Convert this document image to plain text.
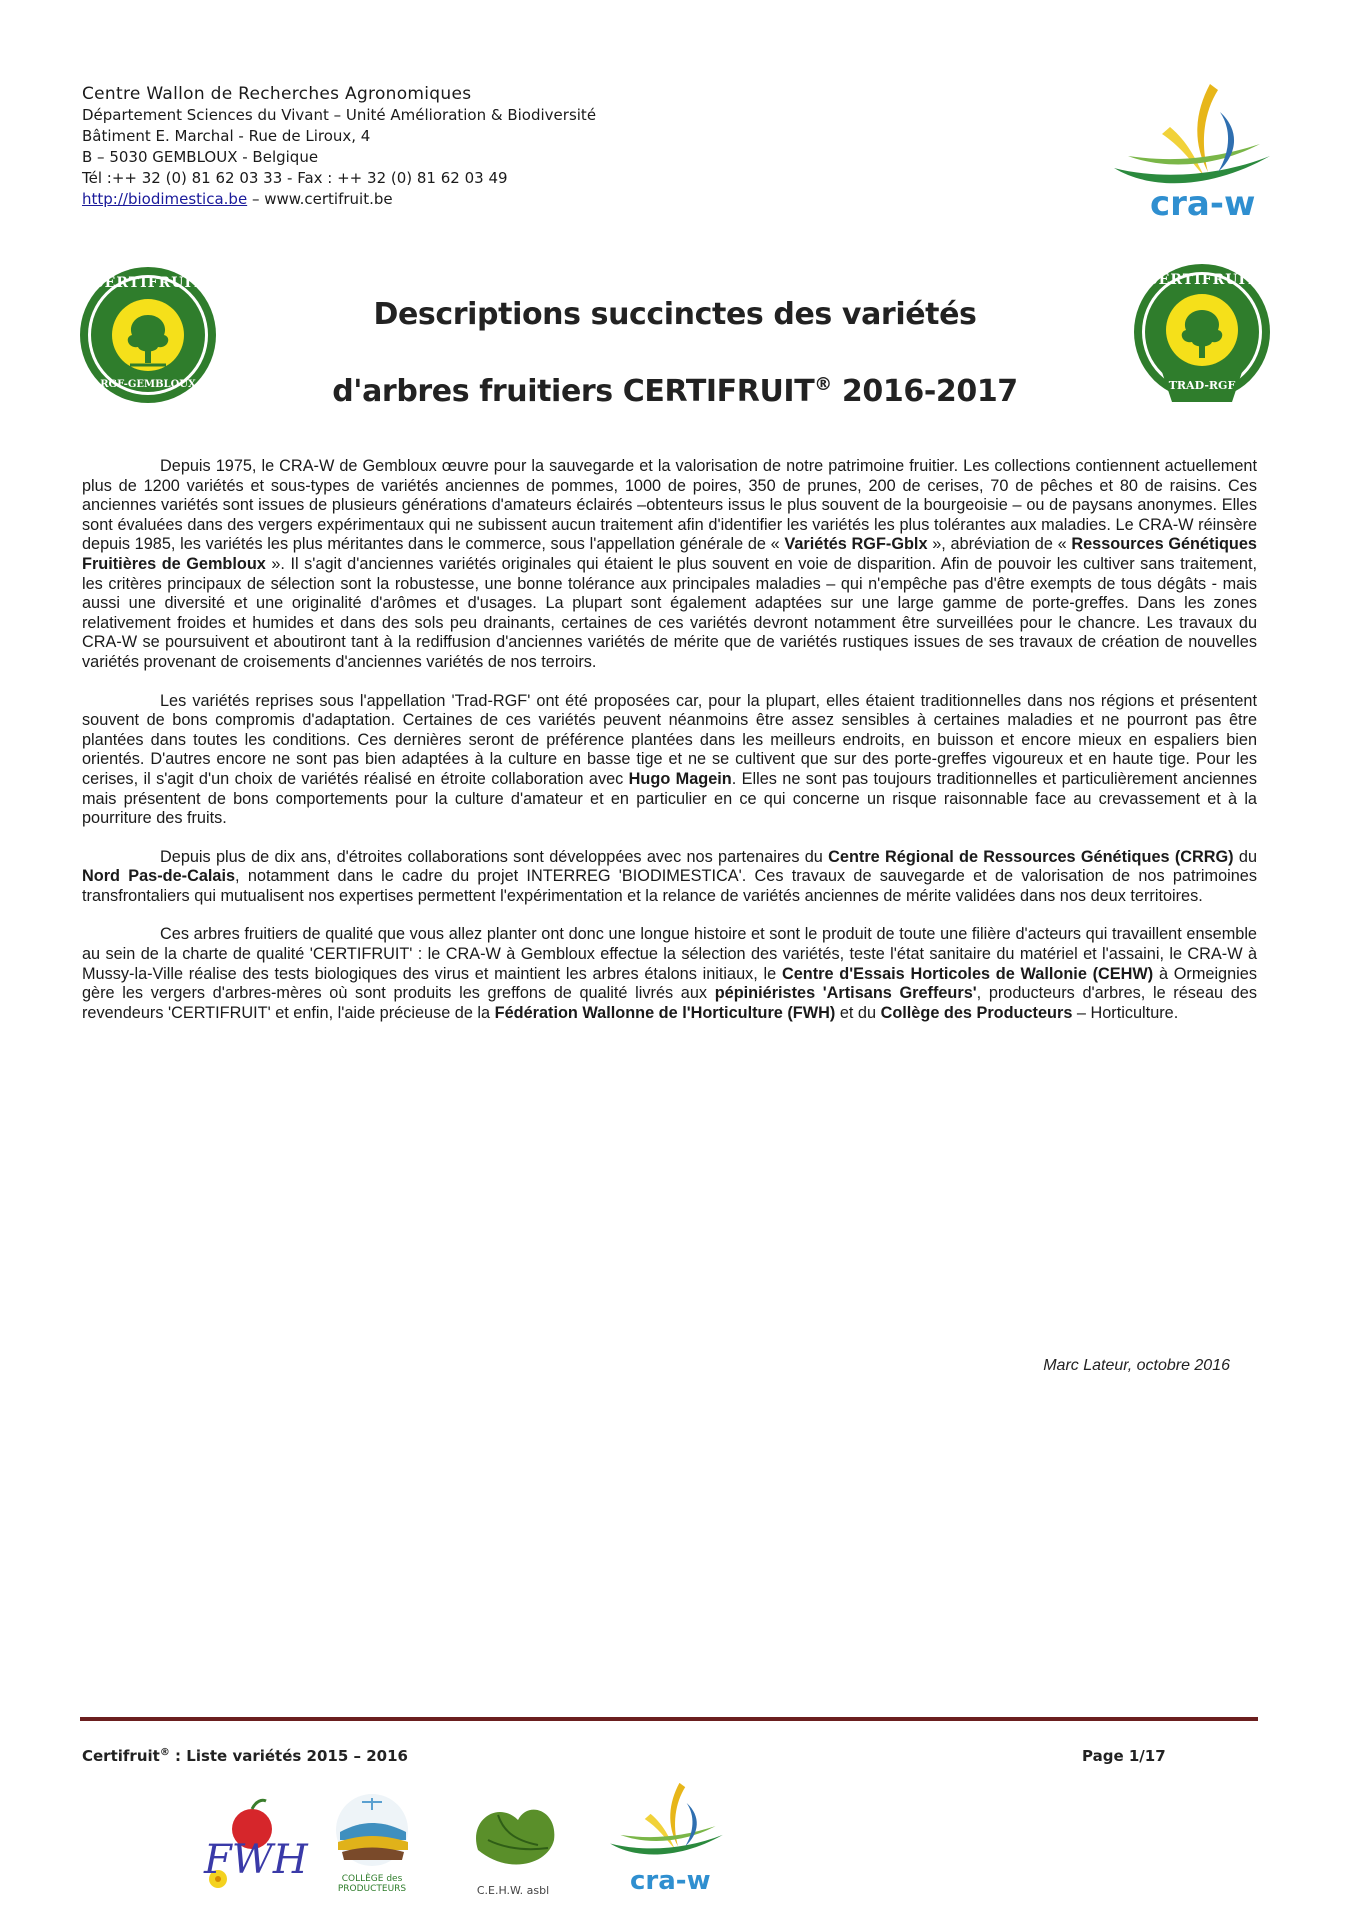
Centre Wallon de Recherches Agronomiques
Département Sciences du Vivant – Unité Amélioration & Biodiversité
Bâtiment E. Marchal - Rue de Liroux, 4
B – 5030 GEMBLOUX - Belgique
Tél :++ 32 (0) 81 62 03 33 - Fax : ++ 32 (0) 81 62 03 49
http://biodimestica.be – www.certifruit.be	cra-w
CERTIFRUIT
RGF-GEMBLOUX
CERTIFRUIT
TRAD-RGF
Descriptions succinctes des variétés
d'arbres fruitiers CERTIFRUIT® 2016-2017

Depuis 1975, le CRA-W de Gembloux œuvre pour la sauvegarde et la valorisation de notre patrimoine fruitier. Les collections contiennent actuellement plus de 1200 variétés et sous-types de variétés anciennes de pommes, 1000 de poires, 350 de prunes, 200 de cerises, 70 de pêches et 80 de raisins. Ces anciennes variétés sont issues de plusieurs générations d'amateurs éclairés –obtenteurs issus le plus souvent de la bourgeoisie – ou de paysans anonymes. Elles sont évaluées dans des vergers expérimentaux qui ne subissent aucun traitement afin d'identifier les variétés les plus tolérantes aux maladies. Le CRA-W réinsère depuis 1985, les variétés les plus méritantes dans le commerce, sous l'appellation générale de « Variétés RGF-Gblx », abréviation de « Ressources Génétiques Fruitières de Gembloux ». Il s'agit d'anciennes variétés originales qui étaient le plus souvent en voie de disparition. Afin de pouvoir les cultiver sans traitement, les critères principaux de sélection sont la robustesse, une bonne tolérance aux principales maladies – qui n'empêche pas d'être exempts de tous dégâts - mais aussi une diversité et une originalité d'arômes et d'usages. La plupart sont également adaptées sur une large gamme de porte-greffes. Dans les zones relativement froides et humides et dans des sols peu drainants, certaines de ces variétés devront notamment être surveillées pour le chancre. Les travaux du CRA-W se poursuivent et aboutiront tant à la rediffusion d'anciennes variétés de mérite que de variétés rustiques issues de ses travaux de création de nouvelles variétés provenant de croisements d'anciennes variétés de nos terroirs.

Les variétés reprises sous l'appellation 'Trad-RGF' ont été proposées car, pour la plupart, elles étaient traditionnelles dans nos régions et présentent souvent de bons compromis d'adaptation. Certaines de ces variétés peuvent néanmoins être assez sensibles à certaines maladies et ne pourront pas être plantées dans toutes les conditions. Ces dernières seront de préférence plantées dans les meilleurs endroits, en buisson et encore mieux en espaliers bien orientés. D'autres encore ne sont pas bien adaptées à la culture en basse tige et ne se cultivent que sur des porte-greffes vigoureux et en haute tige. Pour les cerises, il s'agit d'un choix de variétés réalisé en étroite collaboration avec Hugo Magein. Elles ne sont pas toujours traditionnelles et particulièrement anciennes mais présentent de bons comportements pour la culture d'amateur et en particulier en ce qui concerne un risque raisonnable face au crevassement et à la pourriture des fruits.

Depuis plus de dix ans, d'étroites collaborations sont développées avec nos partenaires du Centre Régional de Ressources Génétiques (CRRG) du Nord Pas-de-Calais, notamment dans le cadre du projet INTERREG 'BIODIMESTICA'. Ces travaux de sauvegarde et de valorisation de nos patrimoines transfrontaliers qui mutualisent nos expertises permettent l'expérimentation et la relance de variétés anciennes de mérite validées dans nos deux territoires.

Ces arbres fruitiers de qualité que vous allez planter ont donc une longue histoire et sont le produit de toute une filière d'acteurs qui travaillent ensemble au sein de la charte de qualité 'CERTIFRUIT' : le CRA-W à Gembloux effectue la sélection des variétés, teste l'état sanitaire du matériel et l'assaini, le CRA-W à Mussy-la-Ville réalise des tests biologiques des virus et maintient les arbres étalons initiaux, le Centre d'Essais Horticoles de Wallonie (CEHW) à Ormeignies gère les vergers d'arbres-mères où sont produits les greffons de qualité livrés aux pépiniéristes 'Artisans Greffeurs', producteurs d'arbres, le réseau des revendeurs 'CERTIFRUIT' et enfin, l'aide précieuse de la Fédération Wallonne de l'Horticulture (FWH) et du Collège des Producteurs – Horticulture.

Marc Lateur, octobre 2016
Certifruit® : Liste variétés 2015 – 2016	Page 1/17
FWH	COLLÈGE des PRODUCTEURS	C.E.H.W. asbl	cra-w
